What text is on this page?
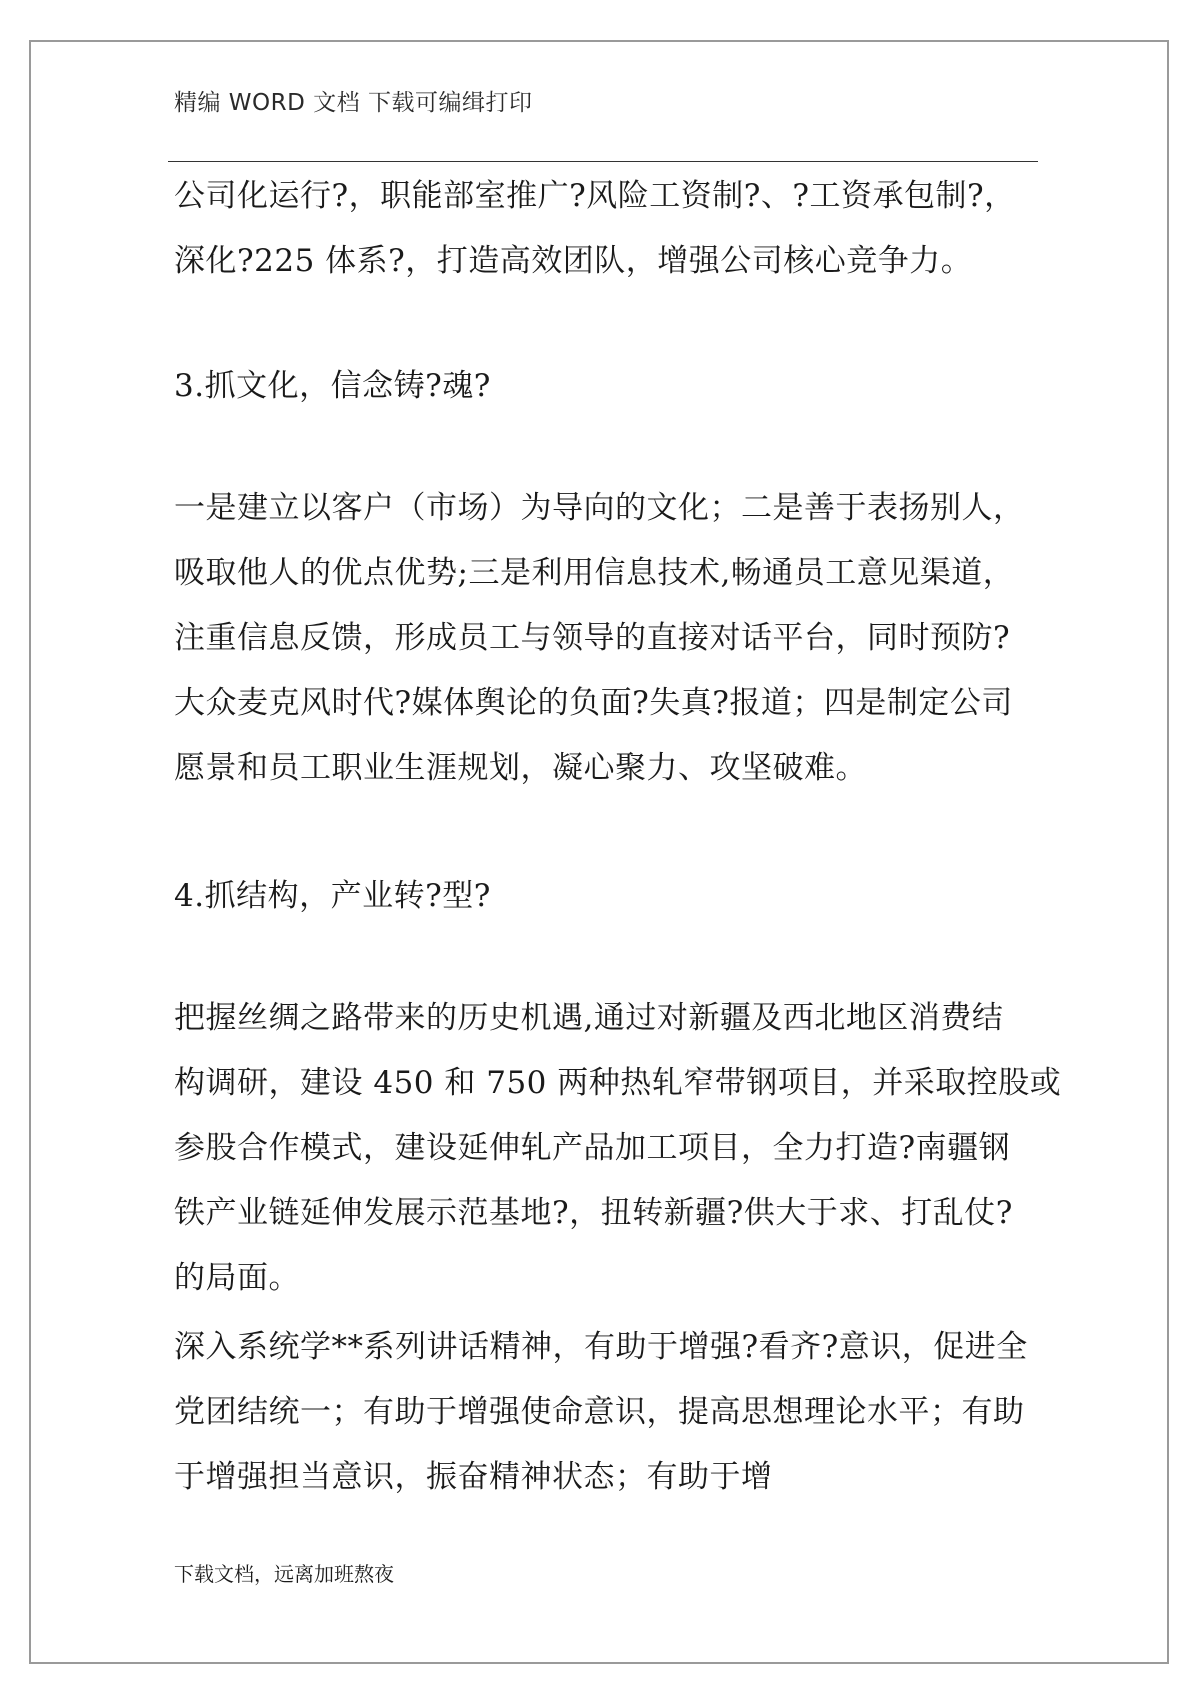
精编 WORD 文档 下载可编缉打印
公司化运行?，职能部室推广?风险工资制?、?工资承包制?，
深化?225 体系?，打造高效团队，增强公司核心竞争力。
3.抓文化，信念铸?魂?
一是建立以客户（市场）为导向的文化；二是善于表扬别人，
吸取他人的优点优势;三是利用信息技术,畅通员工意见渠道，
注重信息反馈，形成员工与领导的直接对话平台，同时预防?
大众麦克风时代?媒体舆论的负面?失真?报道；四是制定公司
愿景和员工职业生涯规划，凝心聚力、攻坚破难。
4.抓结构，产业转?型?
把握丝绸之路带来的历史机遇,通过对新疆及西北地区消费结
构调研，建设 450 和 750 两种热轧窄带钢项目，并采取控股或
参股合作模式，建设延伸轧产品加工项目，全力打造?南疆钢
铁产业链延伸发展示范基地?，扭转新疆?供大于求、打乱仗?
的局面。
深入系统学**系列讲话精神，有助于增强?看齐?意识，促进全
党团结统一；有助于增强使命意识，提高思想理论水平；有助
于增强担当意识，振奋精神状态；有助于增
下载文档，远离加班熬夜
